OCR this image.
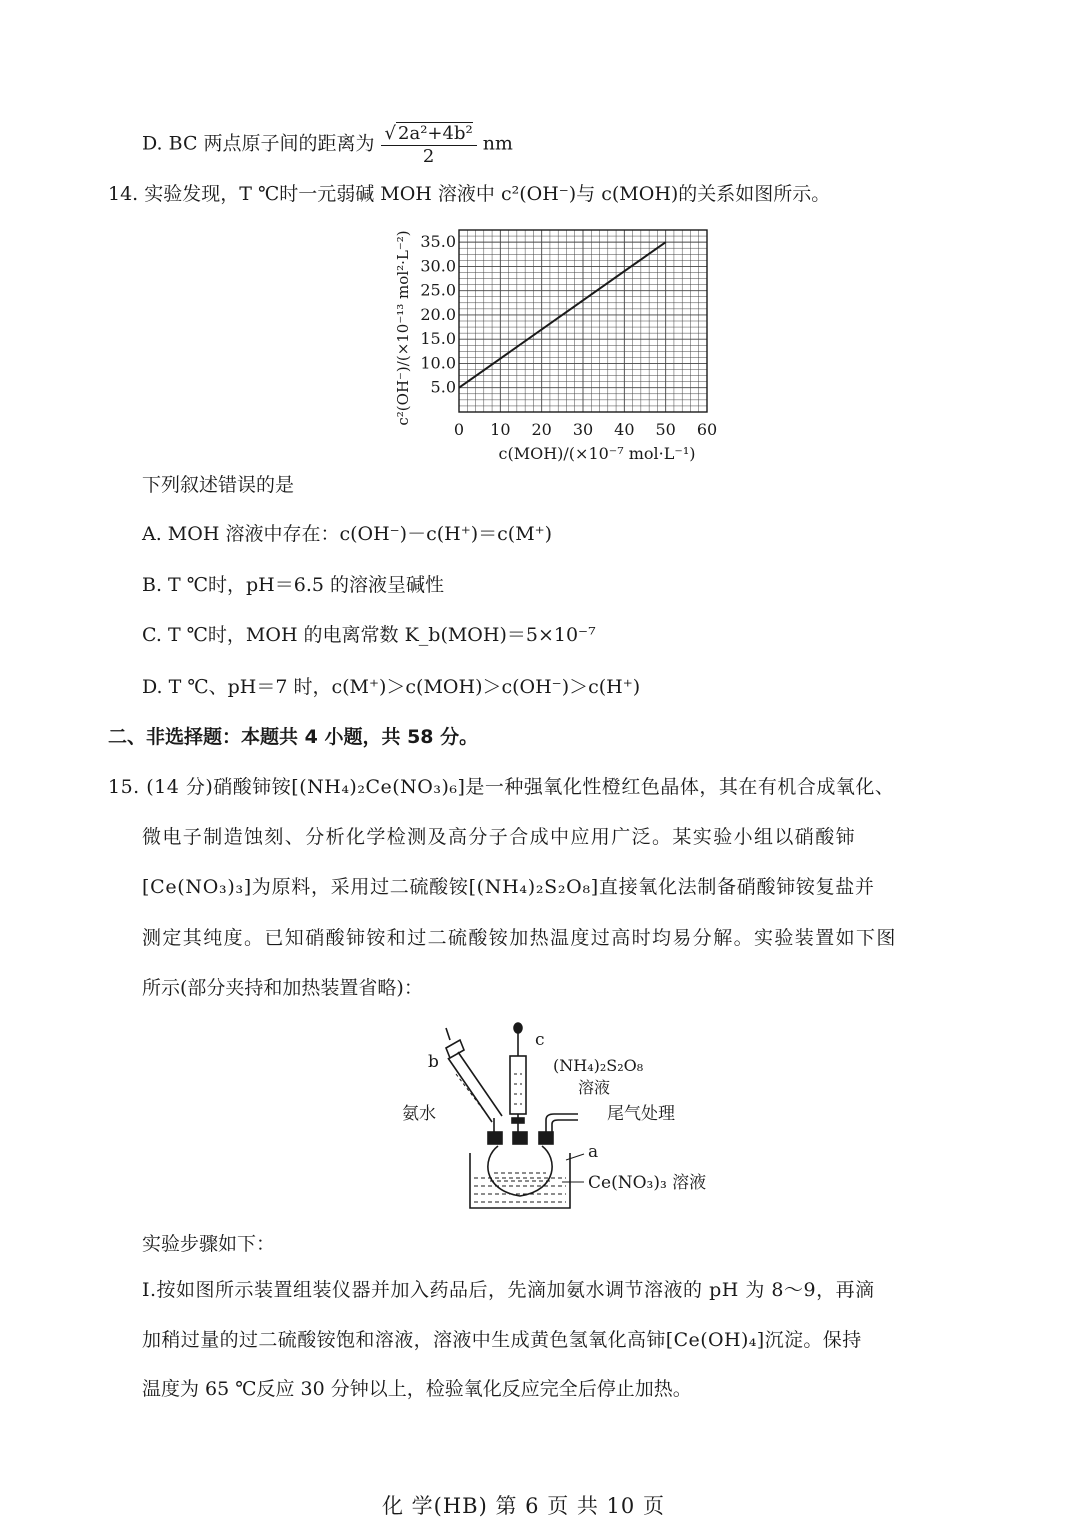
D. BC 两点原子间的距离为 $\frac{\text{√ 2a²+4b²}}{2}$ nm
14. 实验发现，T ℃时一元弱碱 MOH 溶液中 c²(OH⁻)与 c(MOH)的关系如图所示。
0 10 20 30 40 50 60
5.0
10.0
15.0
20.0
25.0
30.0
35.0
c²(OH⁻)/(×10⁻¹³ mol²·L⁻²)
c(MOH)/(×10⁻⁷ mol·L⁻¹)
下列叙述错误的是
A. MOH 溶液中存在：c(OH⁻)－c(H⁺)＝c(M⁺)
B. T ℃时，pH＝6.5 的溶液呈碱性
C. T ℃时，MOH 的电离常数 K_b(MOH)＝5×10⁻⁷
D. T ℃、pH＝7 时，c(M⁺)＞c(MOH)＞c(OH⁻)＞c(H⁺)
二、非选择题：本题共 4 小题，共 58 分。
15. (14 分)硝酸铈铵[(NH₄)₂Ce(NO₃)₆]是一种强氧化性橙红色晶体，其在有机合成氧化、
微电子制造蚀刻、分析化学检测及高分子合成中应用广泛。某实验小组以硝酸铈
[Ce(NO₃)₃]为原料，采用过二硫酸铵[(NH₄)₂S₂O₈]直接氧化法制备硝酸铈铵复盐并
测定其纯度。已知硝酸铈铵和过二硫酸铵加热温度过高时均易分解。实验装置如下图
所示(部分夹持和加热装置省略)：
b
c
(NH₄)₂S₂O₈
溶液
氨水	尾气处理
a
Ce(NO₃)₃ 溶液
实验步骤如下：
Ⅰ.按如图所示装置组装仪器并加入药品后，先滴加氨水调节溶液的 pH 为 8～9，再滴
加稍过量的过二硫酸铵饱和溶液，溶液中生成黄色氢氧化高铈[Ce(OH)₄]沉淀。保持
温度为 65 ℃反应 30 分钟以上，检验氧化反应完全后停止加热。
化 学(HB) 第 6 页 共 10 页
